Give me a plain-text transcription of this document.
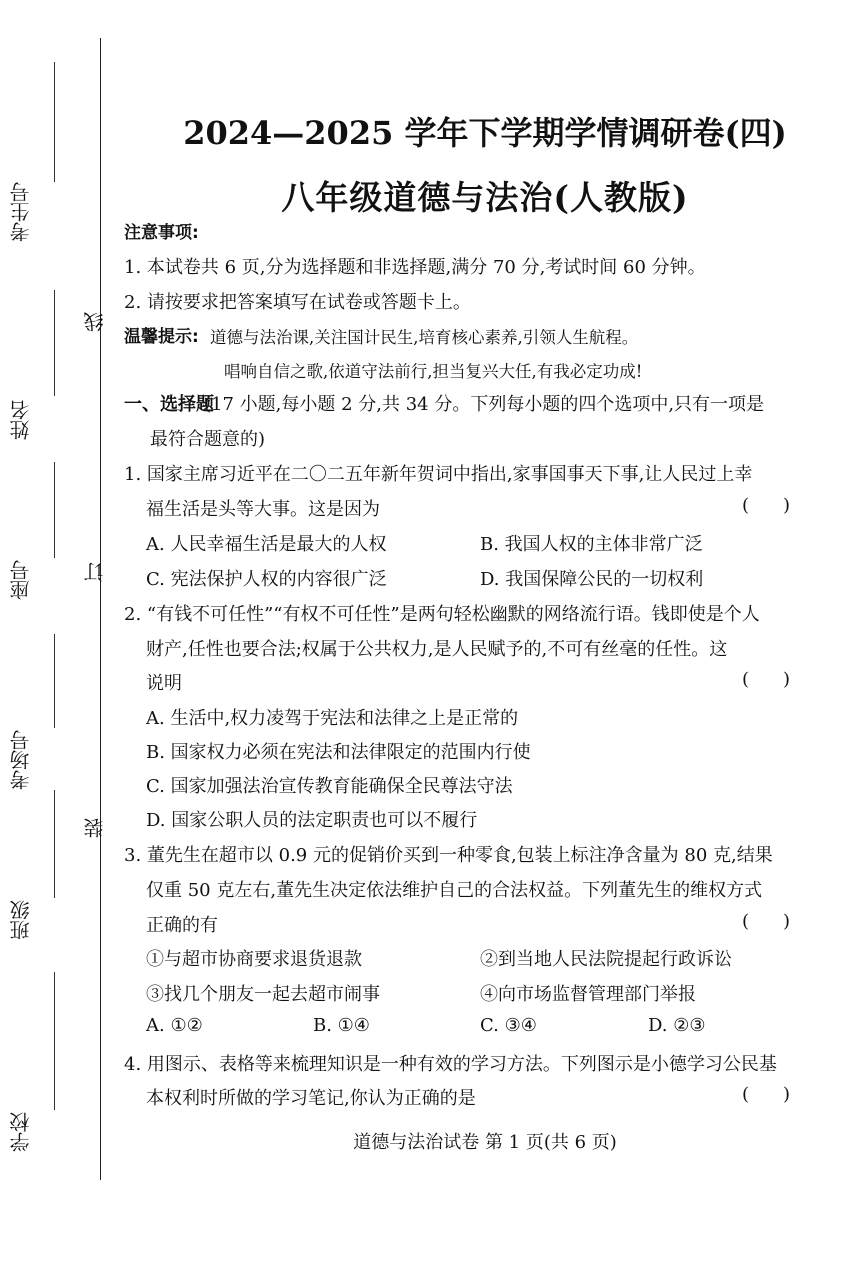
考生号
姓名
座号
考场号
班级
学校
线
订
装
2024—2025 学年下学期学情调研卷(四)
八年级道德与法治(人教版)
注意事项:
1. 本试卷共 6 页,分为选择题和非选择题,满分 70 分,考试时间 60 分钟。
2. 请按要求把答案填写在试卷或答题卡上。
温馨提示: 道德与法治课,关注国计民生,培育核心素养,引领人生航程。
唱响自信之歌,依道守法前行,担当复兴大任,有我必定功成!
一、选择题
(17 小题,每小题 2 分,共 34 分。下列每小题的四个选项中,只有一项是
最符合题意的)
1. 国家主席习近平在二〇二五年新年贺词中指出,家事国事天下事,让人民过上幸
福生活是头等大事。这是因为	()
A. 人民幸福生活是最大的人权	B. 我国人权的主体非常广泛
C. 宪法保护人权的内容很广泛	D. 我国保障公民的一切权利
2. “有钱不可任性”“有权不可任性”是两句轻松幽默的网络流行语。钱即使是个人
财产,任性也要合法;权属于公共权力,是人民赋予的,不可有丝毫的任性。这
说明	()
A. 生活中,权力凌驾于宪法和法律之上是正常的
B. 国家权力必须在宪法和法律限定的范围内行使
C. 国家加强法治宣传教育能确保全民尊法守法
D. 国家公职人员的法定职责也可以不履行
3. 董先生在超市以 0.9 元的促销价买到一种零食,包装上标注净含量为 80 克,结果
仅重 50 克左右,董先生决定依法维护自己的合法权益。下列董先生的维权方式
正确的有	()
①与超市协商要求退货退款	②到当地人民法院提起行政诉讼
③找几个朋友一起去超市闹事	④向市场监督管理部门举报
A. ①②	B. ①④	C. ③④	D. ②③
4. 用图示、表格等来梳理知识是一种有效的学习方法。下列图示是小德学习公民基
本权利时所做的学习笔记,你认为正确的是	()
道德与法治试卷 第 1 页(共 6 页)
